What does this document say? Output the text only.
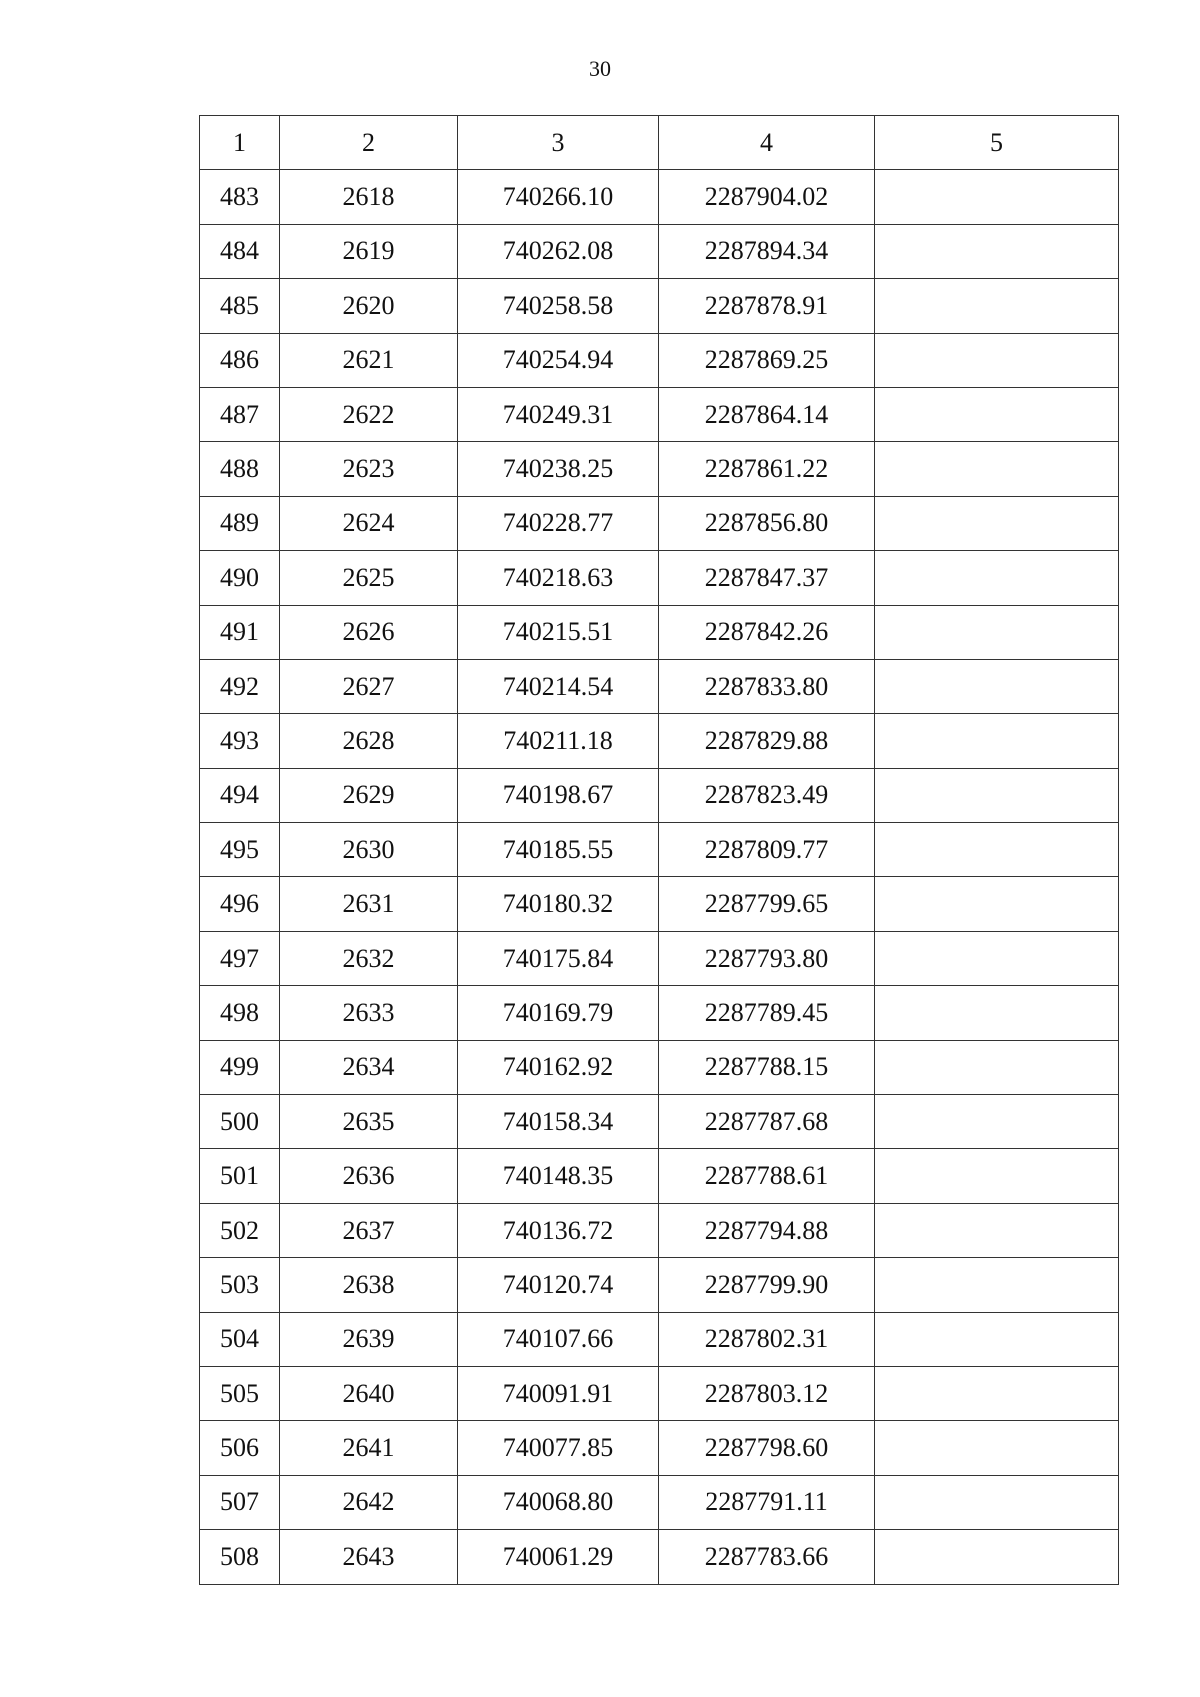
30
1	2	3	4	5
483	2618	740266.10	2287904.02	
484	2619	740262.08	2287894.34	
485	2620	740258.58	2287878.91	
486	2621	740254.94	2287869.25	
487	2622	740249.31	2287864.14	
488	2623	740238.25	2287861.22	
489	2624	740228.77	2287856.80	
490	2625	740218.63	2287847.37	
491	2626	740215.51	2287842.26	
492	2627	740214.54	2287833.80	
493	2628	740211.18	2287829.88	
494	2629	740198.67	2287823.49	
495	2630	740185.55	2287809.77	
496	2631	740180.32	2287799.65	
497	2632	740175.84	2287793.80	
498	2633	740169.79	2287789.45	
499	2634	740162.92	2287788.15	
500	2635	740158.34	2287787.68	
501	2636	740148.35	2287788.61	
502	2637	740136.72	2287794.88	
503	2638	740120.74	2287799.90	
504	2639	740107.66	2287802.31	
505	2640	740091.91	2287803.12	
506	2641	740077.85	2287798.60	
507	2642	740068.80	2287791.11	
508	2643	740061.29	2287783.66	
